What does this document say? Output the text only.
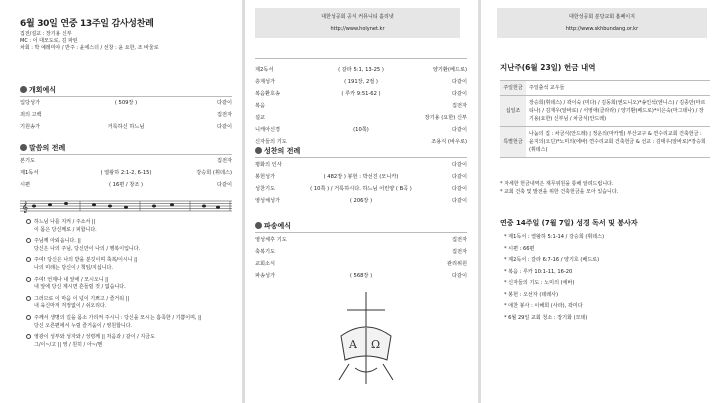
6월 30일 연중 13주일 감사성찬례
집전/설교 : 장기용 신부
MC : 이 대모도로, 김 파틴
차회 : 박 예레미야 / 반주 : 윤에스더 / 선창 : 윤 요한, 조 바울로
개회예식
입당성가	( 509장 )	다같이
죄의 고백	집전자
기원송가	거룩하신 하느님	다같이
말씀의 전례
본기도	집전자
제1독서	( 열왕하 2:1-2, 6-15)	강승희 (휘데스)
시편	( 16편 / 창조 )	다같이
𝄞
하느님 나를 지켜 / 주소서 ||
이 몸은 당신께로 / 피합니다.
주님께 아뢰옵니다. ||
당신은 나의 주님, 당신만이 나의 / 행복이입니다.
주여! 당신은 나의 받을 분깃이며 축복/이시니 ||
나의 미래는 당신이 / 책임/지십니다.
주여! 언제나 내 앞에 / 모시오니 ||
내 앞에 당신 계시면 흔들릴 것 / 없습니다.
그러므로 이 마음 이 넋이 기쁘고 / 즐거워 ||
내 육신마저 걱정없이 / 쉬오리다.
주께서 생명의 길을 몸소 가리켜 주시니 : 당신을 모시는 흡족한 / 기쁨이며, ||
당신 오른편에서 누릴 즐거움이 / 영원합니다.
영광이 성부와 성자와 / 성령께 || 처음과 / 같이 / 지금도
그/이~/고 || 영 / 원히 / 아~/멘
대한성공회 공식 커뮤니티 홀리넷
http://www.holynet.kr
제2독서	( 갈라 5:1, 13-25 )	양기환(베드로)
층계성가	( 191장, 2절 )	다같이
복음환호송	( 루카 9:51-62 )	다같이
복음	집전자
설교	장기용 (요한) 신부
니케아신경	(10쪽)	다같이
신자들의 기도	조용식 (바우로)
성찬의 전례
평화의 인사	다같이
봉헌성가	( 482장 ) 봉헌 : 박선진 (모니카)	다같이
성찬기도	( 10쪽 ) / 거룩하시다. 하느님 어린양 ( B곡 )	다같이
영성체성가	( 206장 )	다같이
파송예식
영성체후 기도	집전자
축복기도	집전자
교회소식	관리위원
파송성가	( 568장 )	다같이
A Ω
대한성공회 분당교회 홈페이지
http://www.skhbundang.or.kr
지난주(6월 23일) 헌금 내역
주일헌금	주일출석 교우들
십일조	장승희(휘데스) / 곽이숙 (미다) / 김동희(엔도니오)*송인석(엔니스) / 김종만(마르티나) / 김재우(알바로) / 서영애(클라라) / 양기환(베드로)*이은숙(마그데나) / 장기용(요한) 신부님 / 차금식(안드레)
특별헌금	나눔의 집 : 차금식(안드레) | 정운의(마카엘) 부산교구 & 연수리교회 건축헌금 : 윤지의(오딘)*노미의(에바) 연수리교회 건축헌금 & 선교 : 김태우(알바로)*장승희(휘데스)
* 자세한 헌금내역은 재무위원을 통해 알려드립니다.
* 교회 건축 및 발전을 위한 건축헌금을 모아 있습니다.
연중 14주일 (7월 7일) 성경 독서 및 봉사자
* 제1독서 : 열왕하 5:1-14 / 강승희 (휘데스)
* 시편 : 66편
* 제2독서 : 갈라 6:7-16 / 양기호 (베드로)
* 복음 : 루카 10:1-11, 16-20
* 신자들의 기도 : 노미의 (에바)
* 봉헌 : 오선자 (데레사)
* 애찬 봉사 : 이해희 (사라), 곽미다
* 6월 29일 교회 청소 : 장기화 (모데)
